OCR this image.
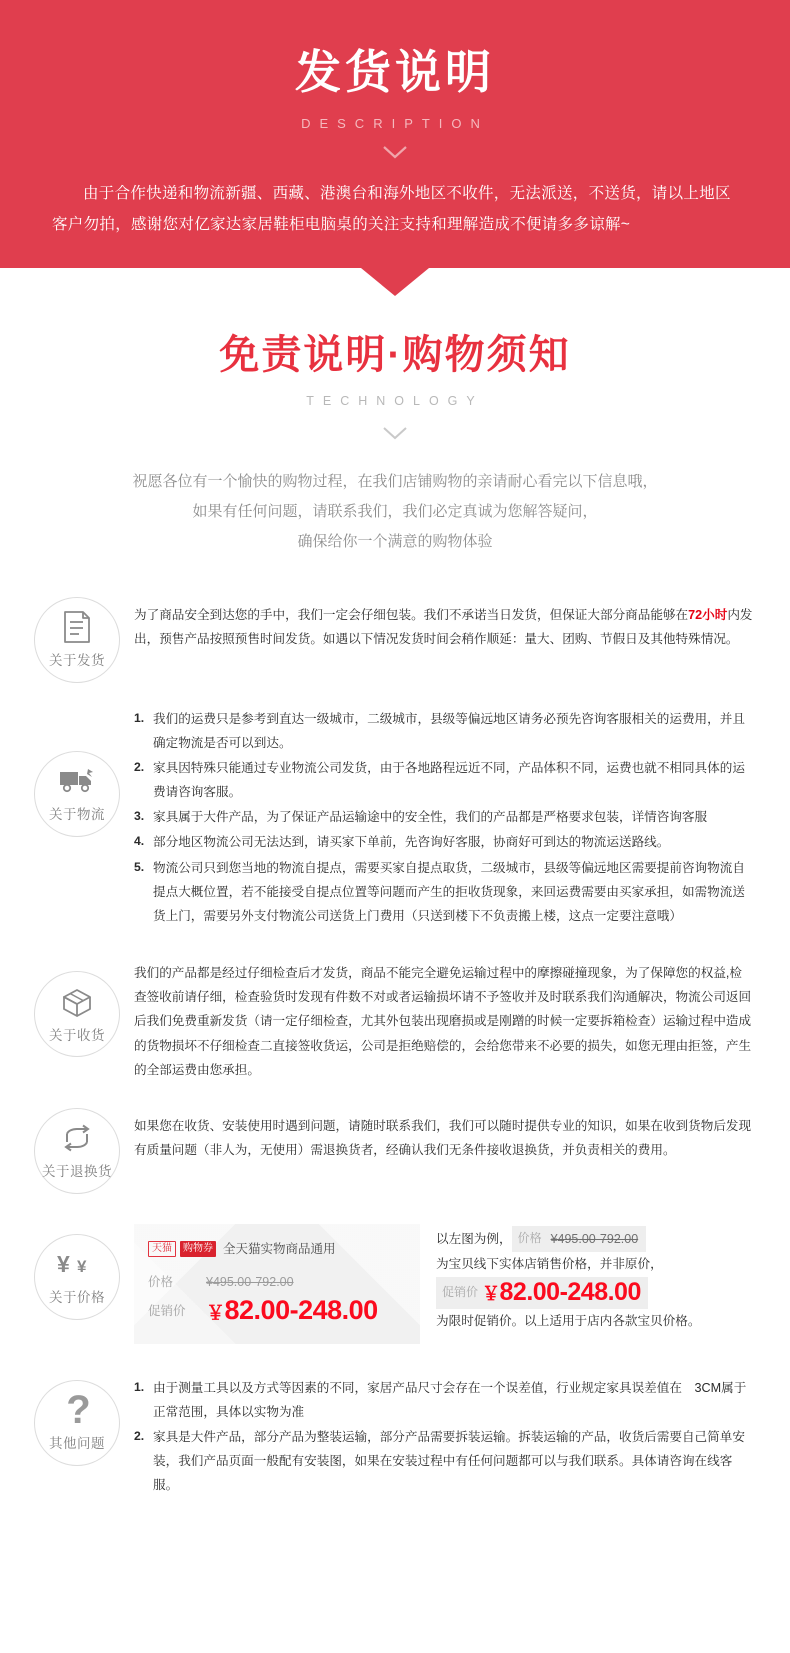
发货说明
DESCRIPTION
由于合作快递和物流新疆、西藏、港澳台和海外地区不收件，无法派送，不送货，请以上地区客户勿拍，感谢您对亿家达家居鞋柜电脑桌的关注支持和理解造成不便请多多谅解~
免责说明·购物须知
TECHNOLOGY
祝愿各位有一个愉快的购物过程，在我们店铺购物的亲请耐心看完以下信息哦，
如果有任何问题，请联系我们，我们必定真诚为您解答疑问，
确保给你一个满意的购物体验
关于发货

为了商品安全到达您的手中，我们一定会仔细包装。我们不承诺当日发货，但保证大部分商品能够在72小时内发出，预售产品按照预售时间发货。如遇以下情况发货时间会稍作顺延：量大、团购、节假日及其他特殊情况。

关于物流
我们的运费只是参考到直达一级城市，二级城市，县级等偏远地区请务必预先咨询客服相关的运费用，并且确定物流是否可以到达。
家具因特殊只能通过专业物流公司发货，由于各地路程远近不同，产品体积不同，运费也就不相同具体的运费请咨询客服。
家具属于大件产品，为了保证产品运输途中的安全性，我们的产品都是严格要求包装，详情咨询客服
部分地区物流公司无法达到，请买家下单前，先咨询好客服，协商好可到达的物流运送路线。
物流公司只到您当地的物流自提点，需要买家自提点取货，二级城市，县级等偏远地区需要提前咨询物流自提点大概位置，若不能接受自提点位置等问题而产生的拒收货现象，来回运费需要由买家承担，如需物流送货上门，需要另外支付物流公司送货上门费用（只送到楼下不负责搬上楼，这点一定要注意哦）
关于收货

我们的产品都是经过仔细检查后才发货，商品不能完全避免运输过程中的摩擦碰撞现象，为了保障您的权益,检查签收前请仔细，检查验货时发现有件数不对或者运输损坏请不予签收并及时联系我们沟通解决，物流公司返回后我们免费重新发货（请一定仔细检查，尤其外包装出现磨损或是刚蹭的时候一定要拆箱检查）运输过程中造成的货物损坏不仔细检查二直接签收货运，公司是拒绝赔偿的，会给您带来不必要的损失，如您无理由拒签，产生的全部运费由您承担。

关于退换货

如果您在收货、安装使用时遇到问题，请随时联系我们，我们可以随时提供专业的知识，如果在收到货物后发现有质量问题（非人为，无使用）需退换货者，经确认我们无条件接收退换货，并负责相关的费用。

¥ ¥
关于价格
天猫	购物券 全天猫实物商品通用
价格	¥495.00-792.00
促销价	￥82.00-248.00
以左图为例， 价格 ¥495.00-792.00
为宝贝线下实体店销售价格，并非原价，
促销价 ￥82.00-248.00
为限时促销价。以上适用于店内各款宝贝价格。
?
其他问题
由于测量工具以及方式等因素的不同，家居产品尺寸会存在一个误差值，行业规定家具误差值在　3CM属于正常范围，具体以实物为准
家具是大件产品，部分产品为整装运输，部分产品需要拆装运输。拆装运输的产品，收货后需要自己简单安装，我们产品页面一般配有安装图，如果在安装过程中有任何问题都可以与我们联系。具体请咨询在线客服。
